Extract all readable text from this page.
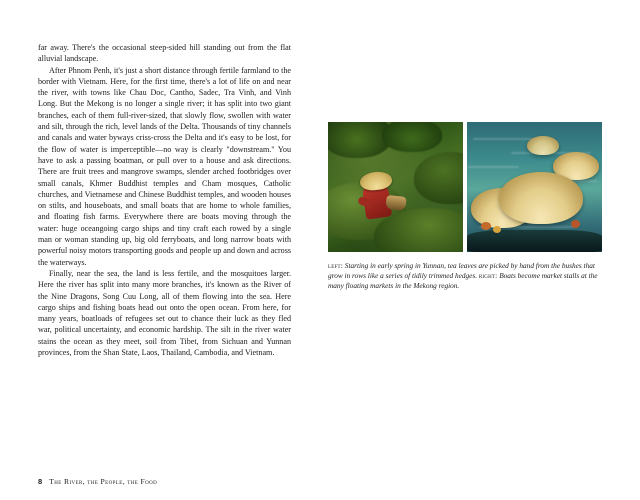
far away. There's the occasional steep-sided hill standing out from the flat alluvial landscape.

After Phnom Penh, it's just a short distance through fertile farmland to the border with Vietnam. Here, for the first time, there's a lot of life on and near the river, with towns like Chau Doc, Cantho, Sadec, Tra Vinh, and Vinh Long. But the Mekong is no longer a single river; it has split into two giant branches, each of them full-river-sized, that slowly flow, swollen with water and silt, through the rich, level lands of the Delta. Thousands of tiny channels and canals and water byways criss-cross the Delta and it's easy to be lost, for the flow of water is imperceptible—no way is clearly "downstream." You have to ask a passing boatman, or pull over to a house and ask directions. There are fruit trees and mangrove swamps, slender arched footbridges over small canals, Khmer Buddhist temples and Cham mosques, Catholic churches, and Vietnamese and Chinese Buddhist temples, and wooden houses on stilts, and houseboats, and small boats that are home to whole families, and floating fish farms. Everywhere there are boats moving through the water: huge oceangoing cargo ships and tiny craft each rowed by a single man or woman standing up, big old ferryboats, and long narrow boats with powerful noisy motors transporting goods and people up and down and across the waterways.

Finally, near the sea, the land is less fertile, and the mosquitoes larger. Here the river has split into many more branches, it's known as the River of the Nine Dragons, Song Cuu Long, all of them flowing into the sea. Here cargo ships and fishing boats head out onto the open ocean. From here, for many years, boatloads of refugees set out to chance their luck as they fled war, political uncertainty, and economic hardship. The silt in the river water stains the ocean as they meet, soil from Tibet, from Sichuan and Yunnan provinces, from the Shan State, Laos, Thailand, Cambodia, and Vietnam.

left: Starting in early spring in Yunnan, tea leaves are picked by hand from the bushes that grow in rows like a series of tidily trimmed hedges. right: Boats become market stalls at the many floating markets in the Mekong region.
8 The River, the People, the Food
